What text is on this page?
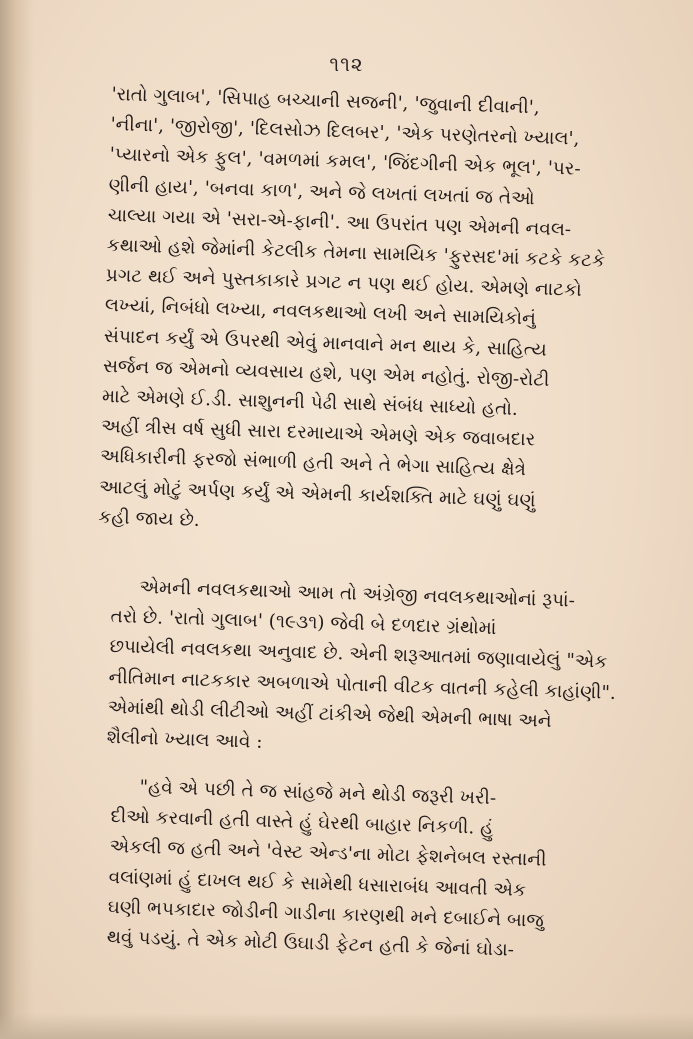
૧૧૨
'રાતો ગુલાબ', 'સિપાહ બચ્ચાની સજની', 'જુવાની દીવાની',
'નીના', 'જીરોજી', 'દિલસોઝ દિલબર', 'એક પરણેતરનો ખ્યાલ',
'પ્યારનો એક ફુલ', 'વમળમાં કમલ', 'જિંદગીની એક ભૂલ', 'પર-
ણીની હાય', 'બનવા કાળ', અને જે લખતાં લખતાં જ તેઓ
ચાલ્યા ગયા એ 'સરા-એ-ફાની'. આ ઉપરાંત પણ એમની નવલ-
કથાઓ હશે જેમાંની કેટલીક તેમના સામયિક 'ફુરસદ'માં કટકે કટકે
પ્રગટ થઈ અને પુસ્તકાકારે પ્રગટ ન પણ થઈ હોય. એમણે નાટકો
લખ્યાં, નિબંધો લખ્યા, નવલકથાઓ લખી અને સામયિકોનું
સંપાદન કર્યું એ ઉપરથી એવું માનવાને મન થાય કે, સાહિત્ય
સર્જન જ એમનો વ્યવસાય હશે, પણ એમ નહોતું. રોજી-રોટી
માટે એમણે ઈ.ડી. સાશુનની પેઢી સાથે સંબંધ સાધ્યો હતો.
અહીં ત્રીસ વર્ષ સુધી સારા દરમાયાએ એમણે એક જવાબદાર
અધિકારીની ફરજો સંભાળી હતી અને તે ભેગા સાહિત્ય ક્ષેત્રે
આટલું મોટું અર્પણ કર્યું એ એમની કાર્યશક્તિ માટે ઘણું ઘણું
કહી જાય છે.
એમની નવલકથાઓ આમ તો અંગ્રેજી નવલકથાઓનાં રૂપાં-
તરો છે. 'રાતો ગુલાબ' (૧૯૩૧) જેવી બે દળદાર ગ્રંથોમાં
છપાયેલી નવલકથા અનુવાદ છે. એની શરૂઆતમાં જણાવાયેલું "એક
નીતિમાન નાટકકાર અબળાએ પોતાની વીટક વાતની કહેલી કાહાંણી".
એમાંથી થોડી લીટીઓ અહીં ટાંકીએ જેથી એમની ભાષા અને
શૈલીનો ખ્યાલ આવે :
"હવે એ પછી તે જ સાંહજે મને થોડી જરૂરી ખરી-
દીઓ કરવાની હતી વાસ્તે હું ઘેરથી બાહાર નિકળી. હું
એકલી જ હતી અને 'વેસ્ટ એન્ડ'ના મોટા ફેશનેબલ રસ્તાની
વલાંણમાં હું દાખલ થઈ કે સામેથી ધસારાબંધ આવતી એક
ઘણી ભપકાદાર જોડીની ગાડીના કારણથી મને દબાઈને બાજુ
થવું પડયું. તે એક મોટી ઉઘાડી ફેટન હતી કે જેનાં ઘોડા-
